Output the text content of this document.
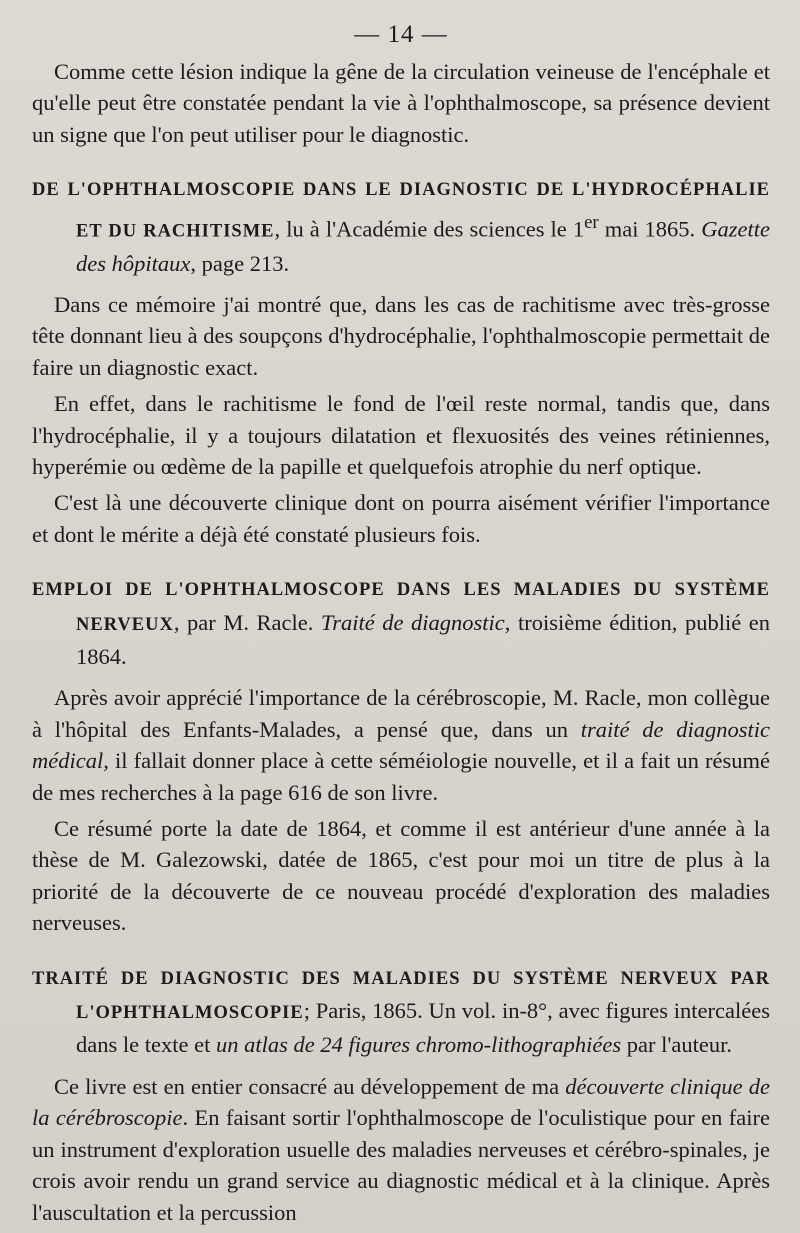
— 14 —

Comme cette lésion indique la gêne de la circulation veineuse de l'encéphale et qu'elle peut être constatée pendant la vie à l'ophthalmoscope, sa présence devient un signe que l'on peut utiliser pour le diagnostic.

DE L'OPHTHALMOSCOPIE DANS LE DIAGNOSTIC DE L'HYDROCÉPHALIE ET DU RACHITISME, lu à l'Académie des sciences le 1er mai 1865. Gazette des hôpitaux, page 213.

Dans ce mémoire j'ai montré que, dans les cas de rachitisme avec très-grosse tête donnant lieu à des soupçons d'hydrocéphalie, l'ophthalmoscopie permettait de faire un diagnostic exact.

En effet, dans le rachitisme le fond de l'œil reste normal, tandis que, dans l'hydrocéphalie, il y a toujours dilatation et flexuosités des veines rétiniennes, hyperémie ou œdème de la papille et quelquefois atrophie du nerf optique.

C'est là une découverte clinique dont on pourra aisément vérifier l'importance et dont le mérite a déjà été constaté plusieurs fois.

EMPLOI DE L'OPHTHALMOSCOPE DANS LES MALADIES DU SYSTÈME NERVEUX, par M. Racle. Traité de diagnostic, troisième édition, publié en 1864.

Après avoir apprécié l'importance de la cérébroscopie, M. Racle, mon collègue à l'hôpital des Enfants-Malades, a pensé que, dans un traité de diagnostic médical, il fallait donner place à cette séméiologie nouvelle, et il a fait un résumé de mes recherches à la page 616 de son livre.

Ce résumé porte la date de 1864, et comme il est antérieur d'une année à la thèse de M. Galezowski, datée de 1865, c'est pour moi un titre de plus à la priorité de la découverte de ce nouveau procédé d'exploration des maladies nerveuses.

TRAITÉ DE DIAGNOSTIC DES MALADIES DU SYSTÈME NERVEUX PAR L'OPHTHALMOSCOPIE; Paris, 1865. Un vol. in-8°, avec figures intercalées dans le texte et un atlas de 24 figures chromo-lithographiées par l'auteur.

Ce livre est en entier consacré au développement de ma découverte clinique de la cérébroscopie. En faisant sortir l'ophthalmoscope de l'oculistique pour en faire un instrument d'exploration usuelle des maladies nerveuses et cérébro-spinales, je crois avoir rendu un grand service au diagnostic médical et à la clinique. Après l'auscultation et la percussion
